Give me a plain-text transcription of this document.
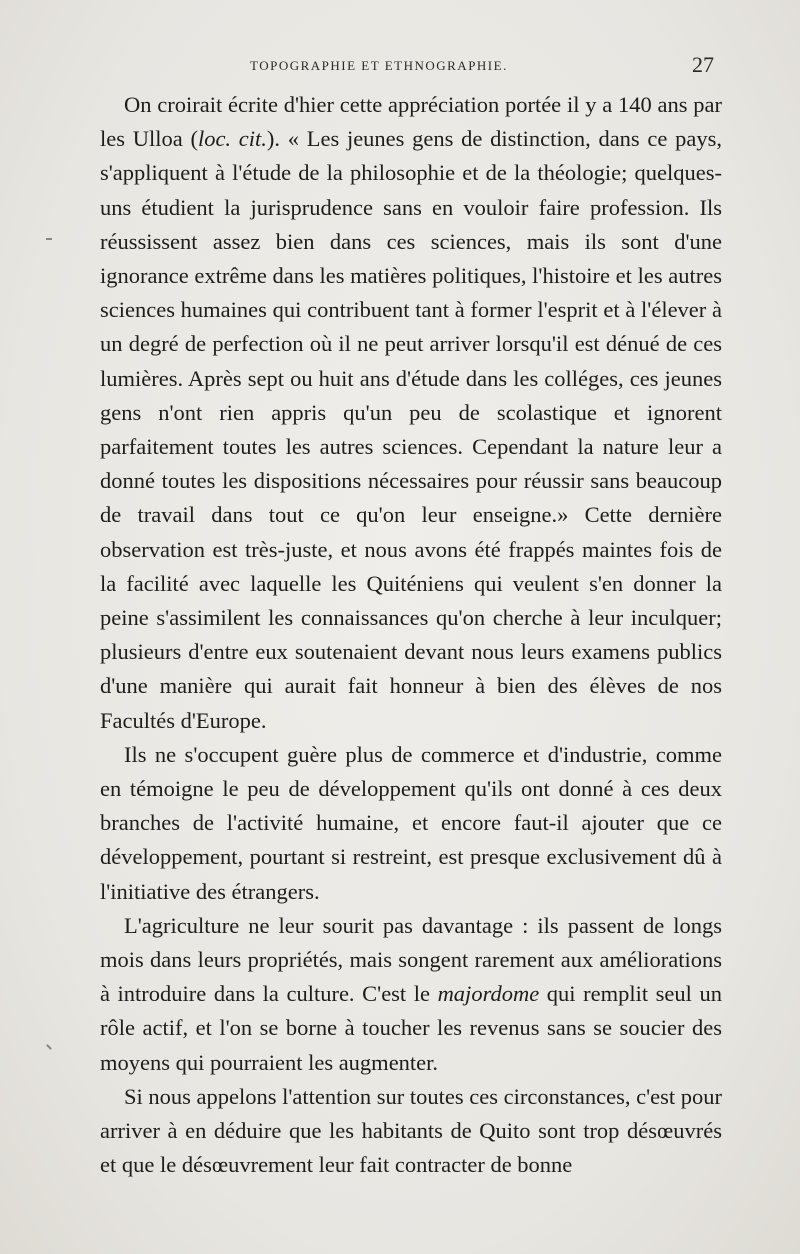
TOPOGRAPHIE ET ETHNOGRAPHIE.	27

On croirait écrite d'hier cette appréciation portée il y a 140 ans par les Ulloa (loc. cit.). « Les jeunes gens de distinction, dans ce pays, s'appliquent à l'étude de la philosophie et de la théologie; quelques-uns étudient la jurisprudence sans en vouloir faire profession. Ils réussissent assez bien dans ces sciences, mais ils sont d'une ignorance extrême dans les matières politiques, l'histoire et les autres sciences humaines qui contribuent tant à former l'esprit et à l'élever à un degré de perfection où il ne peut arriver lorsqu'il est dénué de ces lumières. Après sept ou huit ans d'étude dans les colléges, ces jeunes gens n'ont rien appris qu'un peu de scolastique et ignorent parfaitement toutes les autres sciences. Cependant la nature leur a donné toutes les dispositions nécessaires pour réussir sans beaucoup de travail dans tout ce qu'on leur enseigne.» Cette dernière observation est très-juste, et nous avons été frappés maintes fois de la facilité avec laquelle les Quiténiens qui veulent s'en donner la peine s'assimilent les connaissances qu'on cherche à leur inculquer; plusieurs d'entre eux soutenaient devant nous leurs examens publics d'une manière qui aurait fait honneur à bien des élèves de nos Facultés d'Europe.

Ils ne s'occupent guère plus de commerce et d'industrie, comme en témoigne le peu de développement qu'ils ont donné à ces deux branches de l'activité humaine, et encore faut-il ajouter que ce développement, pourtant si restreint, est presque exclusivement dû à l'initiative des étrangers.

L'agriculture ne leur sourit pas davantage : ils passent de longs mois dans leurs propriétés, mais songent rarement aux améliorations à introduire dans la culture. C'est le majordome qui remplit seul un rôle actif, et l'on se borne à toucher les revenus sans se soucier des moyens qui pourraient les augmenter.

Si nous appelons l'attention sur toutes ces circonstances, c'est pour arriver à en déduire que les habitants de Quito sont trop désœuvrés et que le désœuvrement leur fait contracter de bonne
